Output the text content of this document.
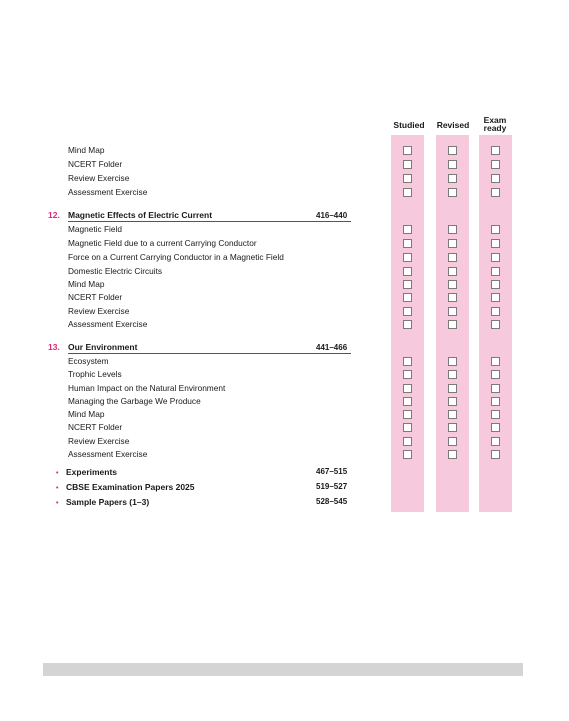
Studied	Revised	Exam
ready
Mind Map
NCERT Folder
Review Exercise
Assessment Exercise
12. Magnetic Effects of Electric Current	416–440
Magnetic Field
Magnetic Field due to a current Carrying Conductor
Force on a Current Carrying Conductor in a Magnetic Field
Domestic Electric Circuits
Mind Map
NCERT Folder
Review Exercise
Assessment Exercise
13. Our Environment	441–466
Ecosystem
Trophic Levels
Human Impact on the Natural Environment
Managing the Garbage We Produce
Mind Map
NCERT Folder
Review Exercise
Assessment Exercise
• Experiments	467–515
• CBSE Examination Papers 2025	519–527
• Sample Papers (1–3)	528–545
